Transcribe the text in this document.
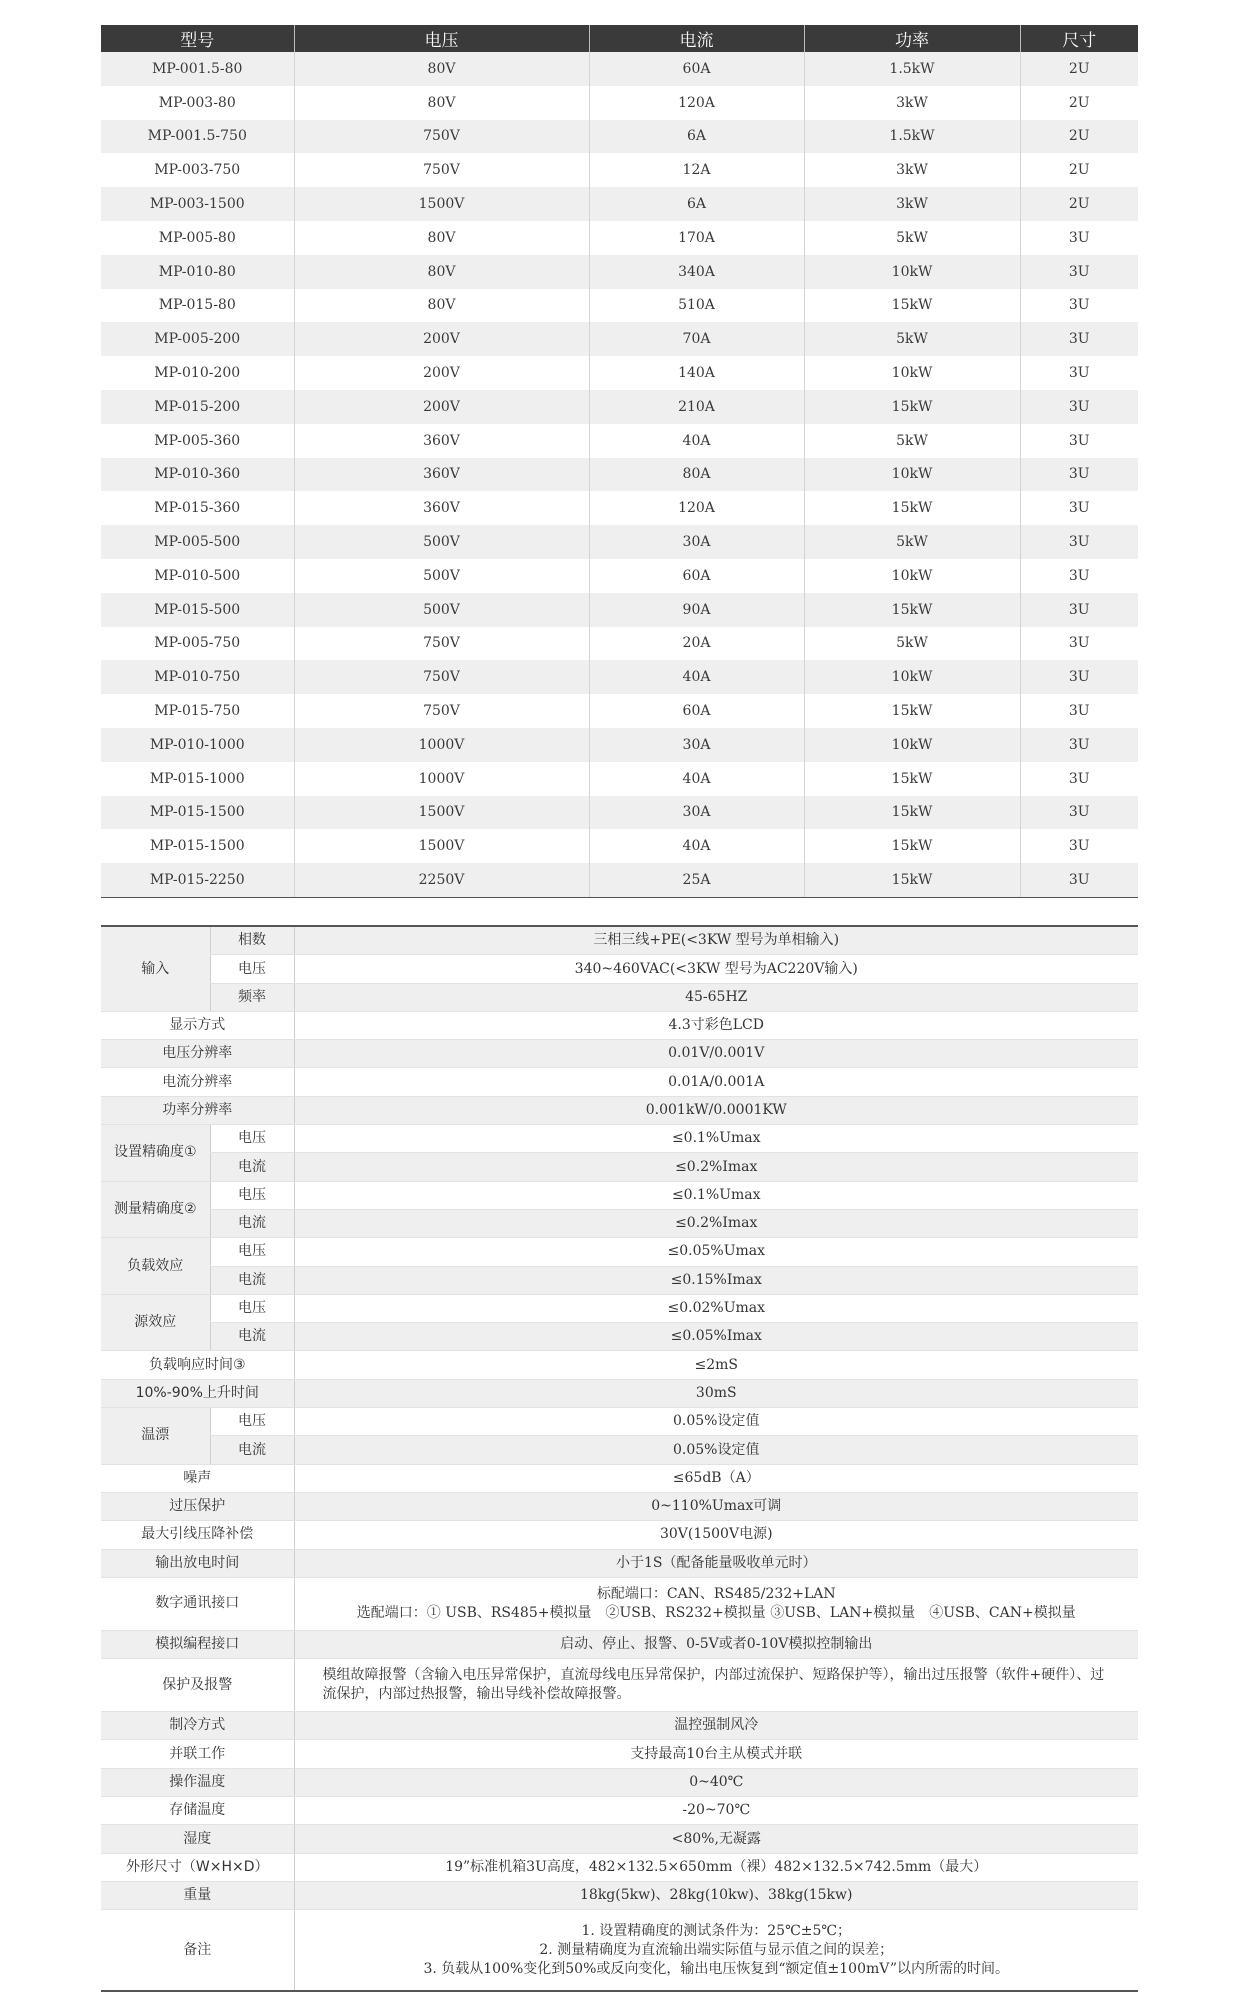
型号	电压	电流	功率	尺寸
MP-001.5-80	80V	60A	1.5kW	2U
MP-003-80	80V	120A	3kW	2U
MP-001.5-750	750V	6A	1.5kW	2U
MP-003-750	750V	12A	3kW	2U
MP-003-1500	1500V	6A	3kW	2U
MP-005-80	80V	170A	5kW	3U
MP-010-80	80V	340A	10kW	3U
MP-015-80	80V	510A	15kW	3U
MP-005-200	200V	70A	5kW	3U
MP-010-200	200V	140A	10kW	3U
MP-015-200	200V	210A	15kW	3U
MP-005-360	360V	40A	5kW	3U
MP-010-360	360V	80A	10kW	3U
MP-015-360	360V	120A	15kW	3U
MP-005-500	500V	30A	5kW	3U
MP-010-500	500V	60A	10kW	3U
MP-015-500	500V	90A	15kW	3U
MP-005-750	750V	20A	5kW	3U
MP-010-750	750V	40A	10kW	3U
MP-015-750	750V	60A	15kW	3U
MP-010-1000	1000V	30A	10kW	3U
MP-015-1000	1000V	40A	15kW	3U
MP-015-1500	1500V	30A	15kW	3U
MP-015-1500	1500V	40A	15kW	3U
MP-015-2250	2250V	25A	15kW	3U
输入	相数	三相三线+PE(<3KW 型号为单相输入)
	电压	340~460VAC(<3KW 型号为AC220V输入)
	频率	45-65HZ
显示方式		4.3寸彩色LCD
电压分辨率		0.01V/0.001V
电流分辨率		0.01A/0.001A
功率分辨率		0.001kW/0.0001KW
设置精确度①	电压	≤0.1%Umax
	电流	≤0.2%Imax
测量精确度②	电压	≤0.1%Umax
	电流	≤0.2%Imax
负载效应	电压	≤0.05%Umax
	电流	≤0.15%Imax
源效应	电压	≤0.02%Umax
	电流	≤0.05%Imax
负载响应时间③		≤2mS
10%-90%上升时间		30mS
温漂	电压	0.05%设定值
	电流	0.05%设定值
噪声		≤65dB（A）
过压保护		0~110%Umax可调
最大引线压降补偿		30V(1500V电源)
输出放电时间		小于1S（配备能量吸收单元时）
数字通讯接口		标配端口：CAN、RS485/232+LAN
选配端口：① USB、RS485+模拟量　②USB、RS232+模拟量 ③USB、LAN+模拟量　④USB、CAN+模拟量

模拟编程接口		启动、停止、报警、0-5V或者0-10V模拟控制输出
保护及报警		模组故障报警（含输入电压异常保护，直流母线电压异常保护，内部过流保护、短路保护等），输出过压报警（软件+硬件）、过流保护，内部过热报警，输出导线补偿故障报警。
制冷方式		温控强制风冷
并联工作		支持最高10台主从模式并联
操作温度		0~40℃
存储温度		-20~70℃
湿度		<80%,无凝露
外形尺寸（W×H×D）		19”标准机箱3U高度，482×132.5×650mm（裸）482×132.5×742.5mm（最大）
重量		18kg(5kw)、28kg(10kw)、38kg(15kw)
备注		1. 设置精确度的测试条件为：25℃±5℃；
2. 测量精确度为直流输出端实际值与显示值之间的误差；
3. 负载从100%变化到50%或反向变化，输出电压恢复到“额定值±100mV”以内所需的时间。
